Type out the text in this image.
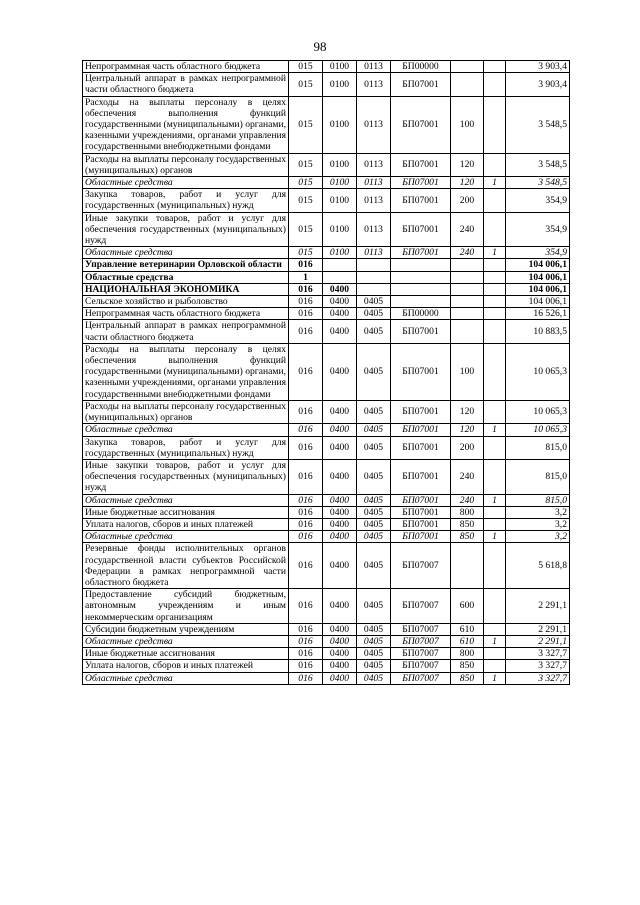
98
Непрограммная часть областного бюджета	015	0100	0113	БП00000			3 903,4
Центральный аппарат в рамках непрограммной части областного бюджета	015	0100	0113	БП07001			3 903,4
Расходы на выплаты персоналу в целях обеспечения выполнения функций государственными (муниципальными) органами, казенными учреждениями, органами управления государственными внебюджетными фондами	015	0100	0113	БП07001	100		3 548,5
Расходы на выплаты персоналу государственных (муниципальных) органов	015	0100	0113	БП07001	120		3 548,5
Областные средства	015	0100	0113	БП07001	120	1	3 548,5
Закупка товаров, работ и услуг для государственных (муниципальных) нужд	015	0100	0113	БП07001	200		354,9
Иные закупки товаров, работ и услуг для обеспечения государственных (муниципальных) нужд	015	0100	0113	БП07001	240		354,9
Областные средства	015	0100	0113	БП07001	240	1	354,9
Управление ветеринарии Орловской области	016						104 006,1
Областные средства	1						104 006,1
НАЦИОНАЛЬНАЯ ЭКОНОМИКА	016	0400					104 006,1
Сельское хозяйство и рыболовство	016	0400	0405				104 006,1
Непрограммная часть областного бюджета	016	0400	0405	БП00000			16 526,1
Центральный аппарат в рамках непрограммной части областного бюджета	016	0400	0405	БП07001			10 883,5
Расходы на выплаты персоналу в целях обеспечения выполнения функций государственными (муниципальными) органами, казенными учреждениями, органами управления государственными внебюджетными фондами	016	0400	0405	БП07001	100		10 065,3
Расходы на выплаты персоналу государственных (муниципальных) органов	016	0400	0405	БП07001	120		10 065,3
Областные средства	016	0400	0405	БП07001	120	1	10 065,3
Закупка товаров, работ и услуг для государственных (муниципальных) нужд	016	0400	0405	БП07001	200		815,0
Иные закупки товаров, работ и услуг для обеспечения государственных (муниципальных) нужд	016	0400	0405	БП07001	240		815,0
Областные средства	016	0400	0405	БП07001	240	1	815,0
Иные бюджетные ассигнования	016	0400	0405	БП07001	800		3,2
Уплата налогов, сборов и иных платежей	016	0400	0405	БП07001	850		3,2
Областные средства	016	0400	0405	БП07001	850	1	3,2
Резервные фонды исполнительных органов государственной власти субъектов Российской Федерации в рамках непрограммной части областного бюджета	016	0400	0405	БП07007			5 618,8
Предоставление субсидий бюджетным, автономным учреждениям и иным некоммерческим организациям	016	0400	0405	БП07007	600		2 291,1
Субсидии бюджетным учреждениям	016	0400	0405	БП07007	610		2 291,1
Областные средства	016	0400	0405	БП07007	610	1	2 291,1
Иные бюджетные ассигнования	016	0400	0405	БП07007	800		3 327,7
Уплата налогов, сборов и иных платежей	016	0400	0405	БП07007	850		3 327,7
Областные средства	016	0400	0405	БП07007	850	1	3 327,7
